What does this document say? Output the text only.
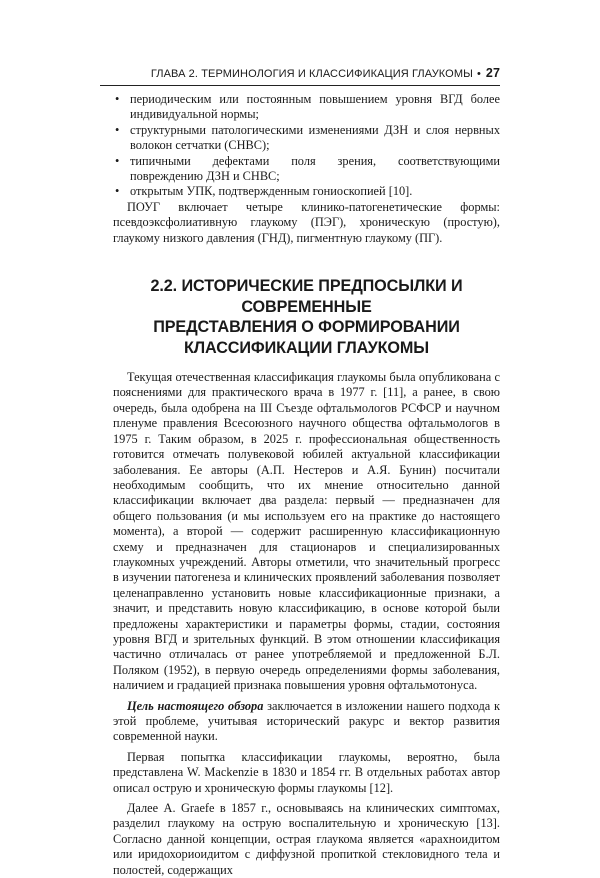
ГЛАВА 2. ТЕРМИНОЛОГИЯ И КЛАССИФИКАЦИЯ ГЛАУКОМЫ • 27
• периодическим или постоянным повышением уровня ВГД более индивидуальной нормы;
• структурными патологическими изменениями ДЗН и слоя нервных волокон сетчатки (СНВС);
• типичными дефектами поля зрения, соответствующими повреждению ДЗН и СНВС;
• открытым УПК, подтвержденным гониоскопией [10].

ПОУГ включает четыре клинико-патогенетические формы: псевдоэксфолиативную глаукому (ПЭГ), хроническую (простую), глаукому низкого давления (ГНД), пигментную глаукому (ПГ).

2.2. ИСТОРИЧЕСКИЕ ПРЕДПОСЫЛКИ И СОВРЕМЕННЫЕ
ПРЕДСТАВЛЕНИЯ О ФОРМИРОВАНИИ
КЛАССИФИКАЦИИ ГЛАУКОМЫ

Текущая отечественная классификация глаукомы была опубликована с пояснениями для практического врача в 1977 г. [11], а ранее, в свою очередь, была одобрена на III Съезде офтальмологов РСФСР и научном пленуме правления Всесоюзного научного общества офтальмологов в 1975 г. Таким образом, в 2025 г. профессиональная общественность готовится отмечать полувековой юбилей актуальной классификации заболевания. Ее авторы (А.П. Нестеров и А.Я. Бунин) посчитали необходимым сообщить, что их мнение относительно данной классификации включает два раздела: первый — предназначен для общего пользования (и мы используем его на практике до настоящего момента), а второй — содержит расширенную классификационную схему и предназначен для стационаров и специализированных глаукомных учреждений. Авторы отметили, что значительный прогресс в изучении патогенеза и клинических проявлений заболевания позволяет целенаправленно установить новые классификационные признаки, а значит, и представить новую классификацию, в основе которой были предложены характеристики и параметры формы, стадии, состояния уровня ВГД и зрительных функций. В этом отношении классификация частично отличалась от ранее употребляемой и предложенной Б.Л. Поляком (1952), в первую очередь определениями формы заболевания, наличием и градацией признака повышения уровня офтальмотонуса.

Цель настоящего обзора заключается в изложении нашего подхода к этой проблеме, учитывая исторический ракурс и вектор развития современной науки.

Первая попытка классификации глаукомы, вероятно, была представлена W. Mackenzie в 1830 и 1854 гг. В отдельных работах автор описал острую и хроническую формы глаукомы [12].

Далее A. Graefe в 1857 г., основываясь на клинических симптомах, разделил глаукому на острую воспалительную и хроническую [13]. Согласно данной концепции, острая глаукома является «арахноидитом или иридохориоидитом с диффузной пропиткой стекловидного тела и полостей, содержащих
